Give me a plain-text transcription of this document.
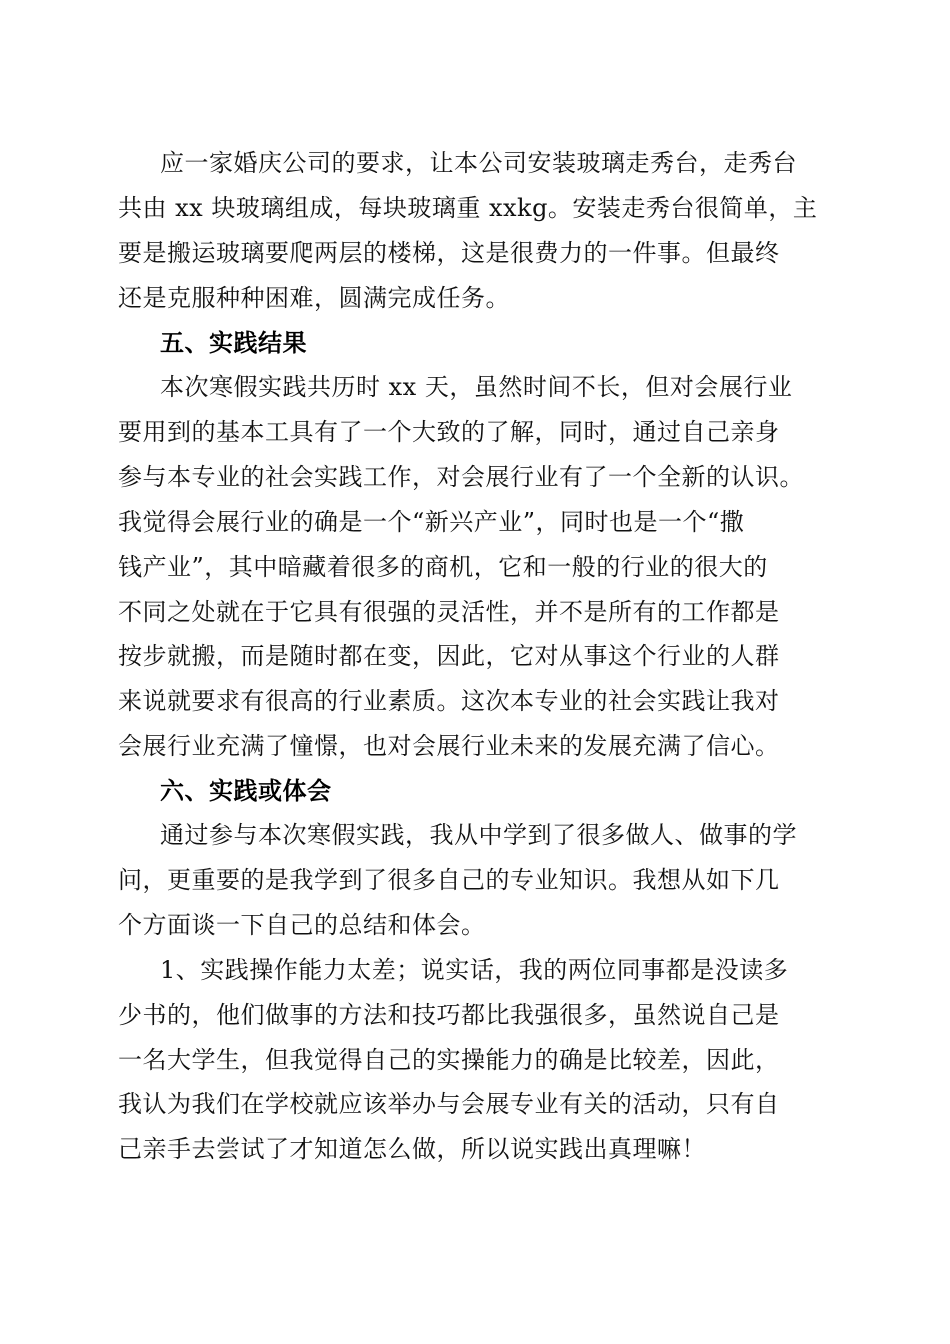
应一家婚庆公司的要求，让本公司安装玻璃走秀台，走秀台
共由 xx 块玻璃组成，每块玻璃重 xxkg。安装走秀台很简单，主
要是搬运玻璃要爬两层的楼梯，这是很费力的一件事。但最终
还是克服种种困难，圆满完成任务。
五、实践结果
本次寒假实践共历时 xx 天，虽然时间不长，但对会展行业
要用到的基本工具有了一个大致的了解，同时，通过自己亲身
参与本专业的社会实践工作，对会展行业有了一个全新的认识。
我觉得会展行业的确是一个“新兴产业”，同时也是一个“撒
钱产业”，其中暗藏着很多的商机，它和一般的行业的很大的
不同之处就在于它具有很强的灵活性，并不是所有的工作都是
按步就搬，而是随时都在变，因此，它对从事这个行业的人群
来说就要求有很高的行业素质。这次本专业的社会实践让我对
会展行业充满了憧憬，也对会展行业未来的发展充满了信心。
六、实践或体会
通过参与本次寒假实践，我从中学到了很多做人、做事的学
问，更重要的是我学到了很多自己的专业知识。我想从如下几
个方面谈一下自己的总结和体会。
1、实践操作能力太差；说实话，我的两位同事都是没读多
少书的，他们做事的方法和技巧都比我强很多，虽然说自己是
一名大学生，但我觉得自己的实操能力的确是比较差，因此，
我认为我们在学校就应该举办与会展专业有关的活动，只有自
己亲手去尝试了才知道怎么做，所以说实践出真理嘛！
